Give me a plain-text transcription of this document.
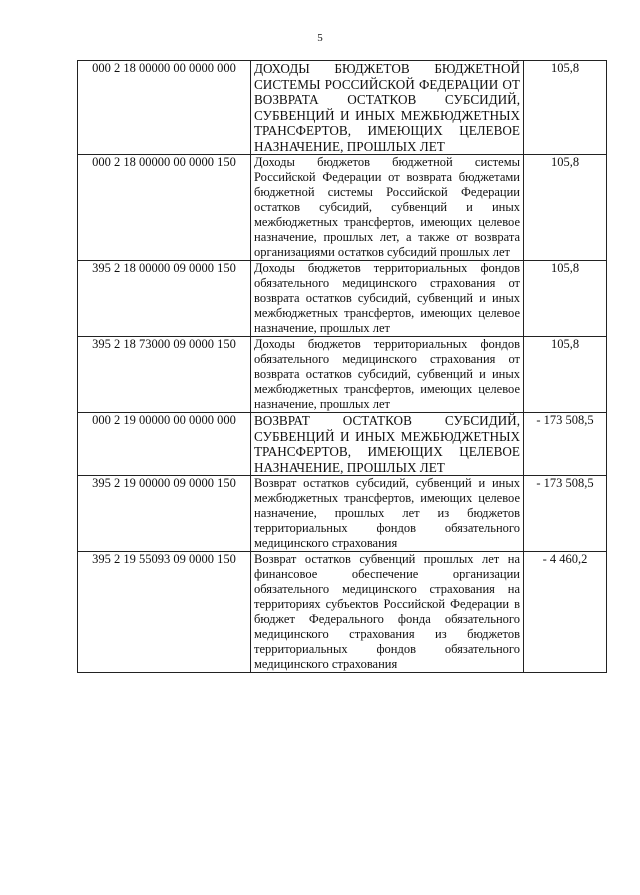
5
000 2 18 00000 00 0000 000	ДОХОДЫ БЮДЖЕТОВ БЮДЖЕТНОЙ СИСТЕМЫ РОССИЙСКОЙ ФЕДЕРАЦИИ ОТ ВОЗВРАТА ОСТАТКОВ СУБСИДИЙ, СУБВЕНЦИЙ И ИНЫХ МЕЖБЮДЖЕТНЫХ ТРАНСФЕРТОВ, ИМЕЮЩИХ ЦЕЛЕВОЕ НАЗНАЧЕНИЕ, ПРОШЛЫХ ЛЕТ	105,8
000 2 18 00000 00 0000 150	Доходы бюджетов бюджетной системы Российской Федерации от возврата бюджетами бюджетной системы Российской Федерации остатков субсидий, субвенций и иных межбюджетных трансфертов, имеющих целевое назначение, прошлых лет, а также от возврата организациями остатков субсидий прошлых лет	105,8
395 2 18 00000 09 0000 150	Доходы бюджетов территориальных фондов обязательного медицинского страхования от возврата остатков субсидий, субвенций и иных межбюджетных трансфертов, имеющих целевое назначение, прошлых лет	105,8
395 2 18 73000 09 0000 150	Доходы бюджетов территориальных фондов обязательного медицинского страхования от возврата остатков субсидий, субвенций и иных межбюджетных трансфертов, имеющих целевое назначение, прошлых лет	105,8
000 2 19 00000 00 0000 000	ВОЗВРАТ ОСТАТКОВ СУБСИДИЙ, СУБВЕНЦИЙ И ИНЫХ МЕЖБЮДЖЕТНЫХ ТРАНСФЕРТОВ, ИМЕЮЩИХ ЦЕЛЕВОЕ НАЗНАЧЕНИЕ, ПРОШЛЫХ ЛЕТ	- 173 508,5
395 2 19 00000 09 0000 150	Возврат остатков субсидий, субвенций и иных межбюджетных трансфертов, имеющих целевое назначение, прошлых лет из бюджетов территориальных фондов обязательного медицинского страхования	- 173 508,5
395 2 19 55093 09 0000 150	Возврат остатков субвенций прошлых лет на финансовое обеспечение организации обязательного медицинского страхования на территориях субъектов Российской Федерации в бюджет Федерального фонда обязательного медицинского страхования из бюджетов территориальных фондов обязательного медицинского страхования	- 4 460,2
